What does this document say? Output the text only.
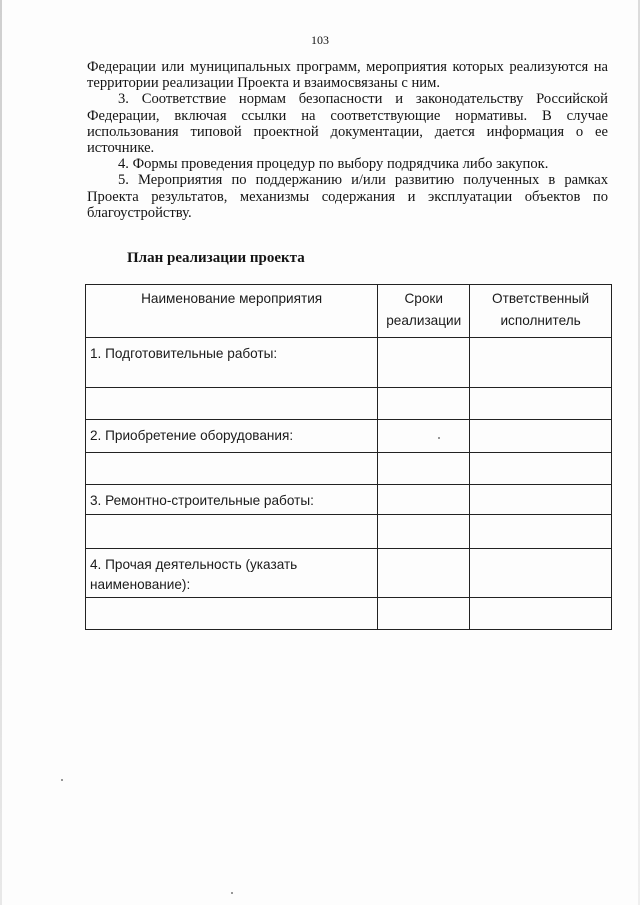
103

Федерации или муниципальных программ, мероприятия которых реализуются на территории реализации Проекта и взаимосвязаны с ним.

3. Соответствие нормам безопасности и законодательству Российской Федерации, включая ссылки на соответствующие нормативы. В случае использования типовой проектной документации, дается информация о ее источнике.

4. Формы проведения процедур по выбору подрядчика либо закупок.

5. Мероприятия по поддержанию и/или развитию полученных в рамках Проекта результатов, механизмы содержания и эксплуатации объектов по благоустройству.

План реализации проекта
Наименование мероприятия	Сроки реализации	Ответственный исполнитель
1. Подготовительные работы:		

2. Приобретение оборудования:		

3. Ремонтно-строительные работы:		

4. Прочая деятельность (указать наименование):		
